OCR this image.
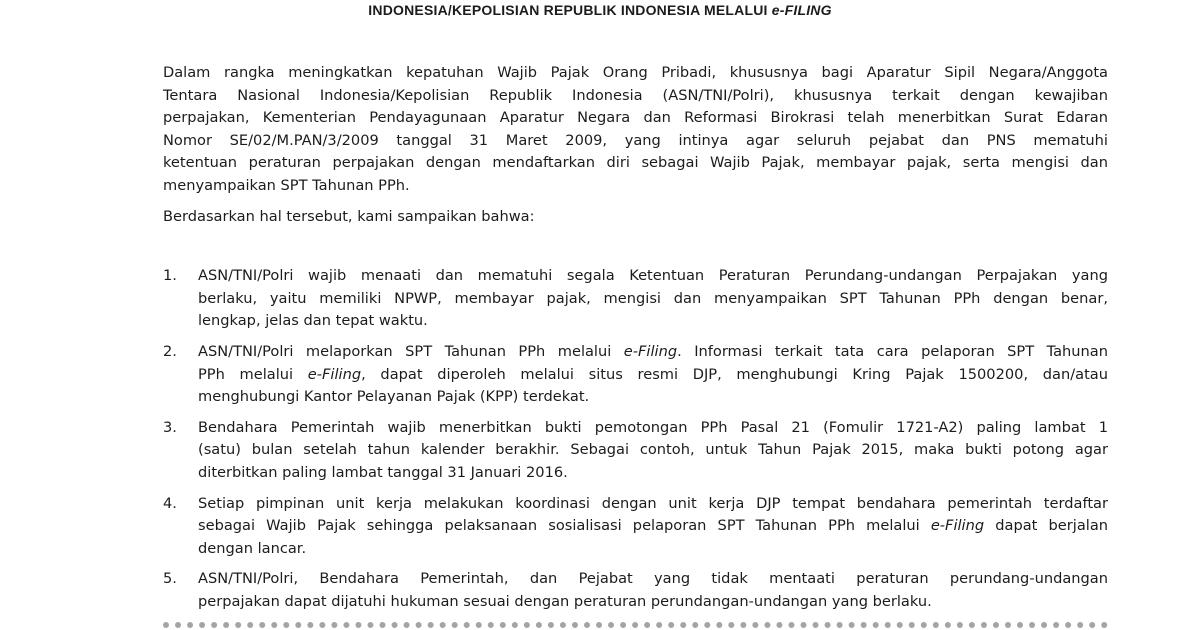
INDONESIA/KEPOLISIAN REPUBLIK INDONESIA MELALUI e-FILING

Dalam rangka meningkatkan kepatuhan Wajib Pajak Orang Pribadi, khususnya bagi Aparatur Sipil Negara/Anggota
Tentara Nasional Indonesia/Kepolisian Republik Indonesia (ASN/TNI/Polri), khususnya terkait dengan kewajiban
perpajakan, Kementerian Pendayagunaan Aparatur Negara dan Reformasi Birokrasi telah menerbitkan Surat Edaran
Nomor SE/02/M.PAN/3/2009 tanggal 31 Maret 2009, yang intinya agar seluruh pejabat dan PNS mematuhi
ketentuan peraturan perpajakan dengan mendaftarkan diri sebagai Wajib Pajak, membayar pajak, serta mengisi dan
menyampaikan SPT Tahunan PPh.

Berdasarkan hal tersebut, kami sampaikan bahwa:

1. ASN/TNI/Polri wajib menaati dan mematuhi segala Ketentuan Peraturan Perundang-undangan Perpajakan yang
berlaku, yaitu memiliki NPWP, membayar pajak, mengisi dan menyampaikan SPT Tahunan PPh dengan benar,
lengkap, jelas dan tepat waktu.
2. ASN/TNI/Polri melaporkan SPT Tahunan PPh melalui e-Filing. Informasi terkait tata cara pelaporan SPT Tahunan
PPh melalui e-Filing, dapat diperoleh melalui situs resmi DJP, menghubungi Kring Pajak 1500200, dan/atau
menghubungi Kantor Pelayanan Pajak (KPP) terdekat.
3. Bendahara Pemerintah wajib menerbitkan bukti pemotongan PPh Pasal 21 (Fomulir 1721-A2) paling lambat 1
(satu) bulan setelah tahun kalender berakhir. Sebagai contoh, untuk Tahun Pajak 2015, maka bukti potong agar
diterbitkan paling lambat tanggal 31 Januari 2016.
4. Setiap pimpinan unit kerja melakukan koordinasi dengan unit kerja DJP tempat bendahara pemerintah terdaftar
sebagai Wajib Pajak sehingga pelaksanaan sosialisasi pelaporan SPT Tahunan PPh melalui e-Filing dapat berjalan
dengan lancar.
5. ASN/TNI/Polri, Bendahara Pemerintah, dan Pejabat yang tidak mentaati peraturan perundang-undangan
perpajakan dapat dijatuhi hukuman sesuai dengan peraturan perundangan-undangan yang berlaku.
